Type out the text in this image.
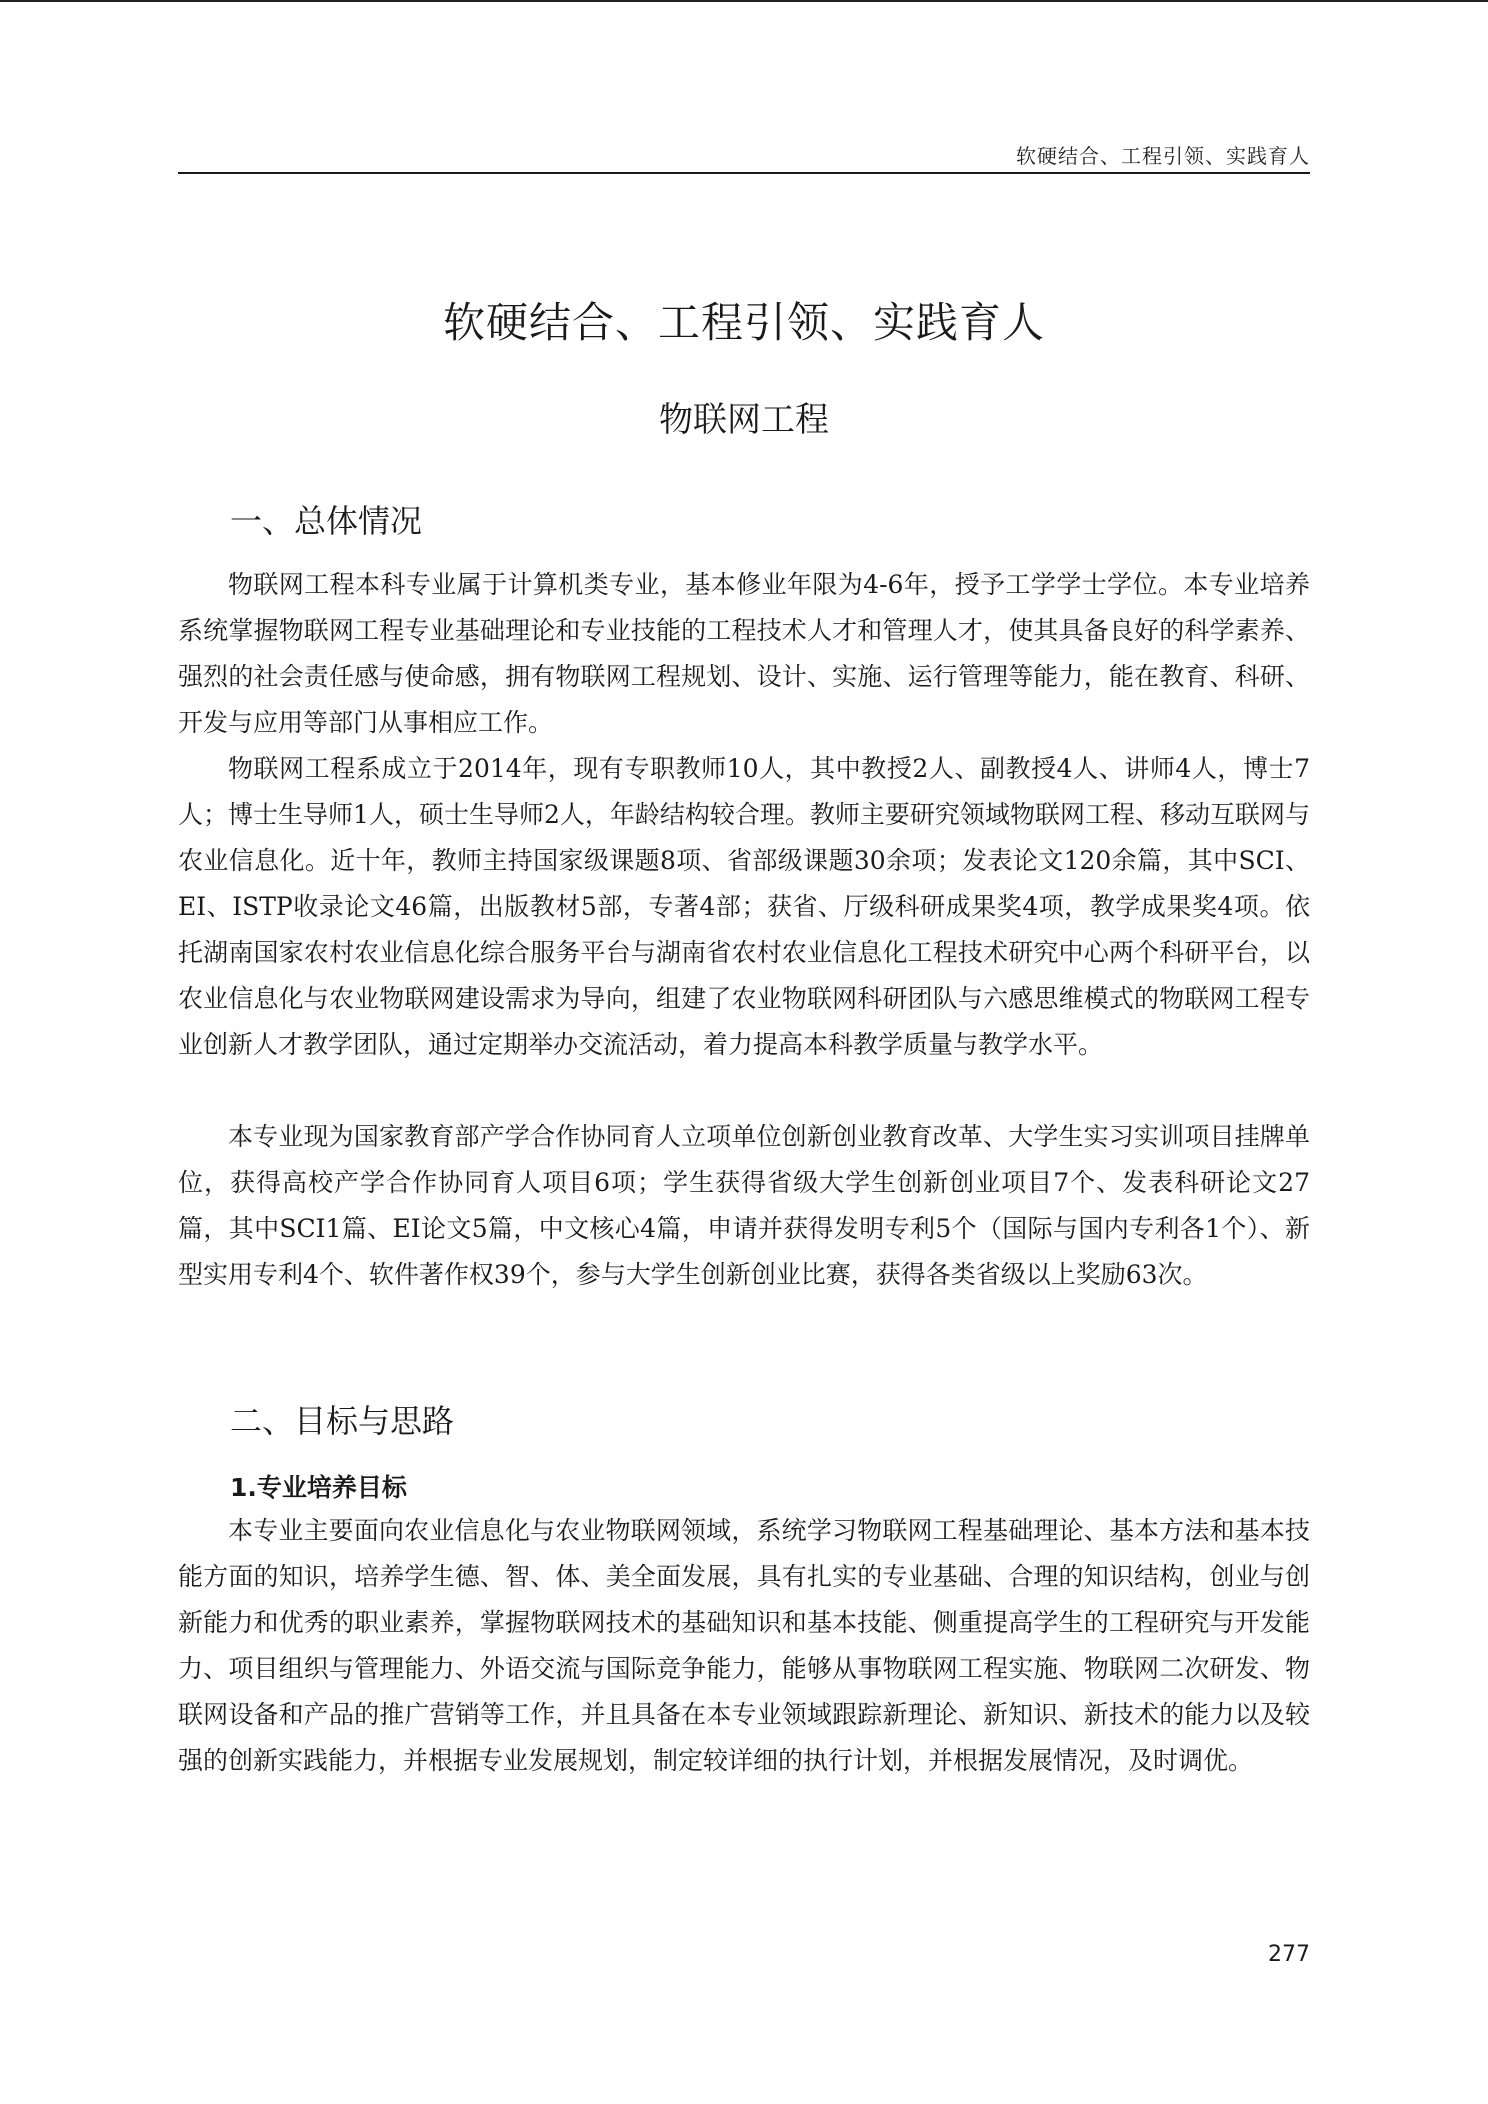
软硬结合、工程引领、实践育人
软硬结合、工程引领、实践育人
物联网工程
一、总体情况

物联网工程本科专业属于计算机类专业，基本修业年限为4-6年，授予工学学士学位。本专业培养系统掌握物联网工程专业基础理论和专业技能的工程技术人才和管理人才，使其具备良好的科学素养、强烈的社会责任感与使命感，拥有物联网工程规划、设计、实施、运行管理等能力，能在教育、科研、开发与应用等部门从事相应工作。

物联网工程系成立于2014年，现有专职教师10人，其中教授2人、副教授4人、讲师4人，博士7人；博士生导师1人，硕士生导师2人，年龄结构较合理。教师主要研究领域物联网工程、移动互联网与农业信息化。近十年，教师主持国家级课题8项、省部级课题30余项；发表论文120余篇，其中SCI、EI、ISTP收录论文46篇，出版教材5部，专著4部；获省、厅级科研成果奖4项，教学成果奖4项。依托湖南国家农村农业信息化综合服务平台与湖南省农村农业信息化工程技术研究中心两个科研平台，以农业信息化与农业物联网建设需求为导向，组建了农业物联网科研团队与六感思维模式的物联网工程专业创新人才教学团队，通过定期举办交流活动，着力提高本科教学质量与教学水平。

本专业现为国家教育部产学合作协同育人立项单位创新创业教育改革、大学生实习实训项目挂牌单位，获得高校产学合作协同育人项目6项；学生获得省级大学生创新创业项目7个、发表科研论文27篇，其中SCI1篇、EI论文5篇，中文核心4篇，申请并获得发明专利5个（国际与国内专利各1个）、新型实用专利4个、软件著作权39个，参与大学生创新创业比赛，获得各类省级以上奖励63次。

二、目标与思路
1.专业培养目标

本专业主要面向农业信息化与农业物联网领域，系统学习物联网工程基础理论、基本方法和基本技能方面的知识，培养学生德、智、体、美全面发展，具有扎实的专业基础、合理的知识结构，创业与创新能力和优秀的职业素养，掌握物联网技术的基础知识和基本技能、侧重提高学生的工程研究与开发能力、项目组织与管理能力、外语交流与国际竞争能力，能够从事物联网工程实施、物联网二次研发、物联网设备和产品的推广营销等工作，并且具备在本专业领域跟踪新理论、新知识、新技术的能力以及较强的创新实践能力，并根据专业发展规划，制定较详细的执行计划，并根据发展情况，及时调优。

277
